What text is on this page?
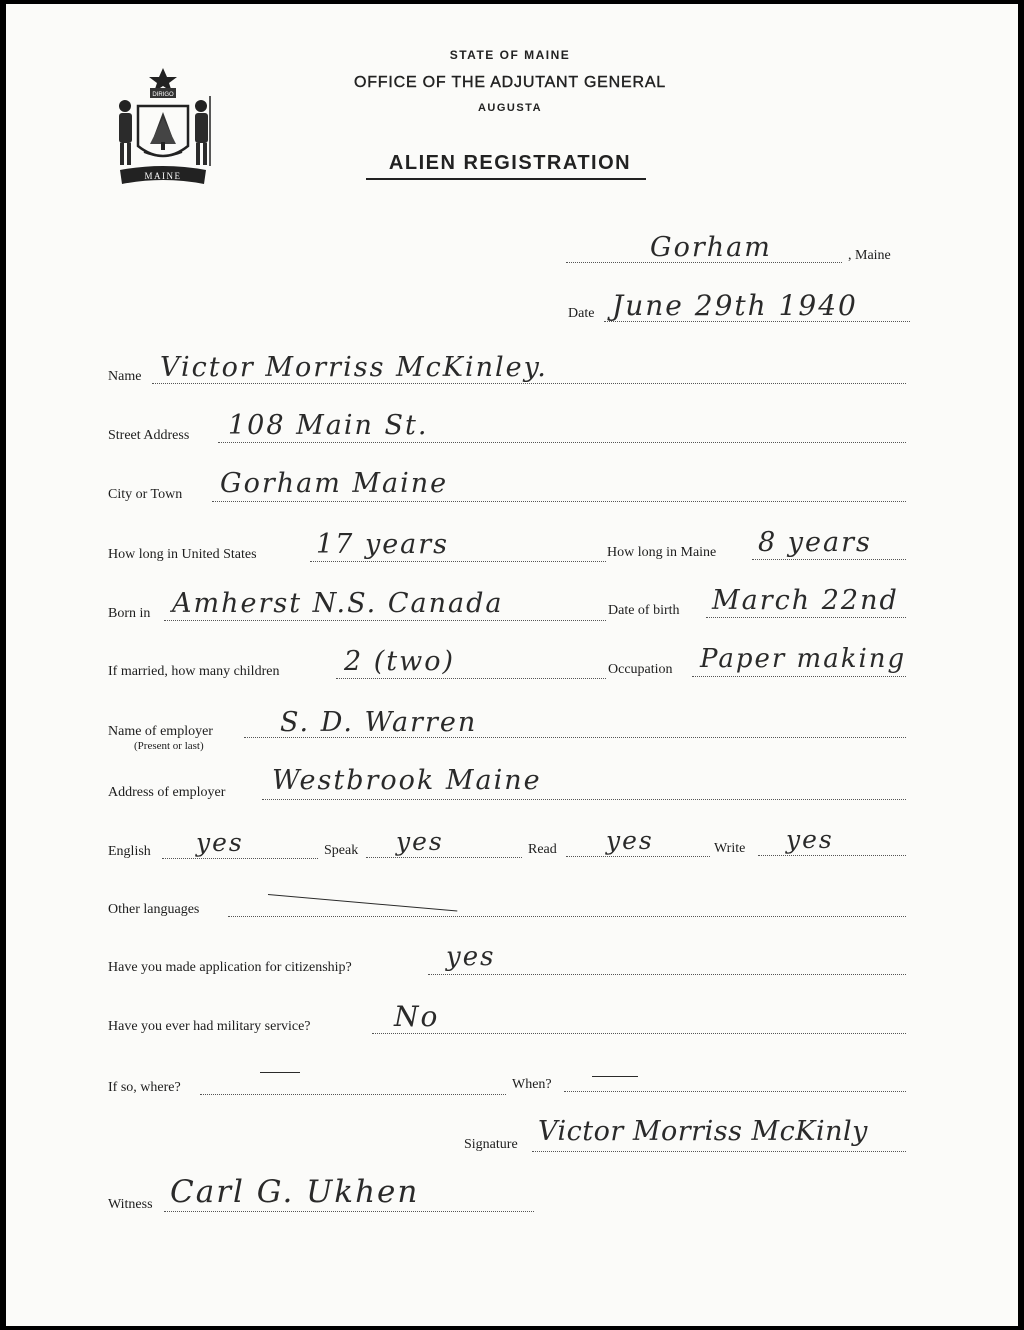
DIRIGO
MAINE
STATE OF MAINE
OFFICE OF THE ADJUTANT GENERAL
AUGUSTA
ALIEN REGISTRATION
Gorham	, Maine
Date June 29th 1940
Name Victor Morriss McKinley.
Street Address 108 Main St.
City or Town Gorham Maine
How long in United States 17 years	How long in Maine 8 years
Born in Amherst N.S. Canada	Date of birth March 22nd
If married, how many children 2 (two)	Occupation Paper making
Name of employer
(Present or last)
S. D. Warren
Address of employer Westbrook Maine
English yes	Speak yes	Read yes	Write yes
Other languages
Have you made application for citizenship?	yes
Have you ever had military service?	No
If so, where?	When?
Signature Victor Morriss McKinly
Witness Carl G. Ukhen
